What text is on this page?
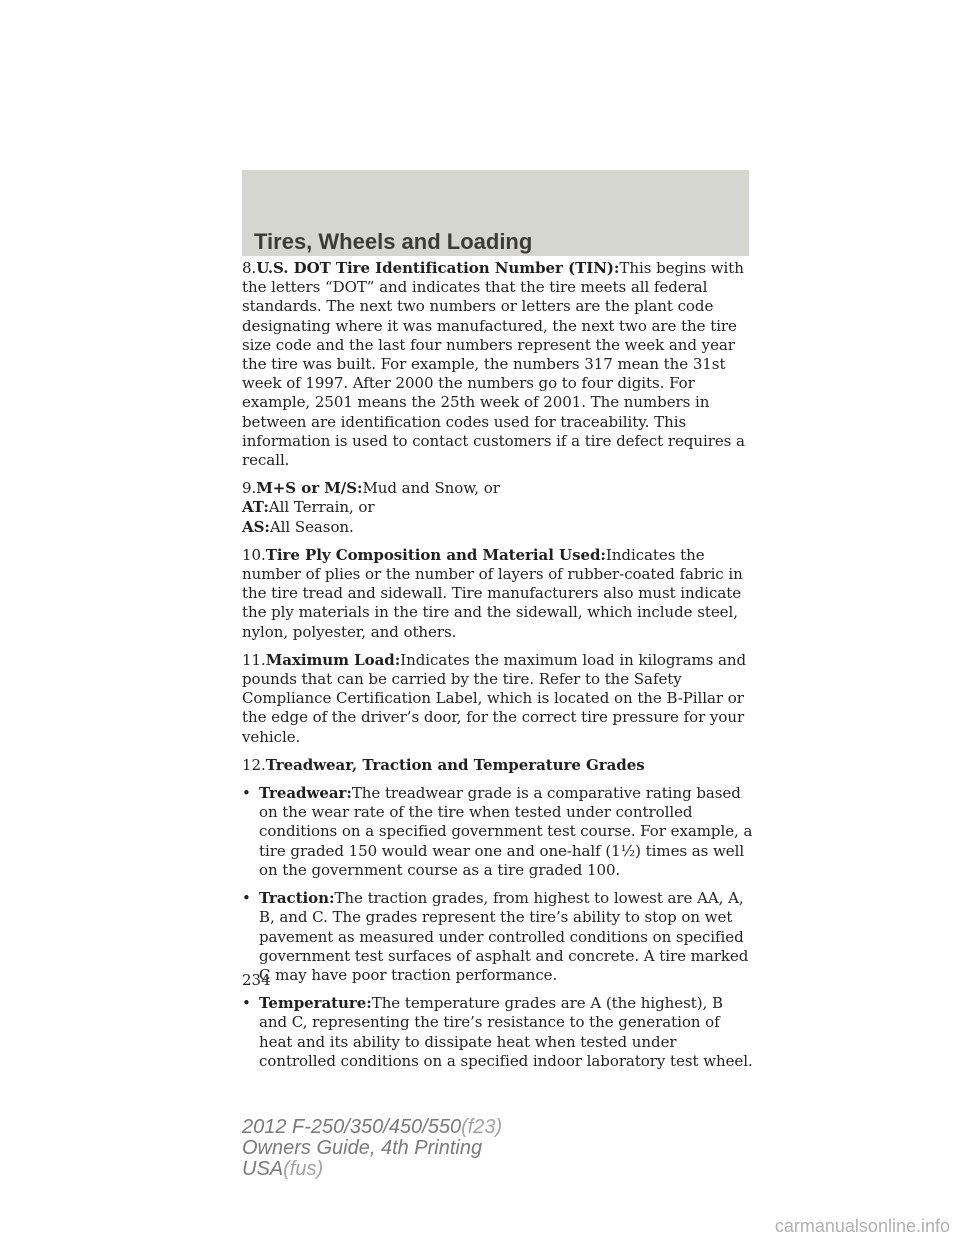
Tires, Wheels and Loading

8.U.S. DOT Tire Identification Number (TIN):This begins with the letters “DOT” and indicates that the tire meets all federal standards. The next two numbers or letters are the plant code designating where it was manufactured, the next two are the tire size code and the last four numbers represent the week and year the tire was built. For example, the numbers 317 mean the 31st week of 1997. After 2000 the numbers go to four digits. For example, 2501 means the 25th week of 2001. The numbers in between are identification codes used for traceability. This information is used to contact customers if a tire defect requires a recall.

9.M+S or M/S:Mud and Snow, or
AT:All Terrain, or
AS:All Season.

10.Tire Ply Composition and Material Used:Indicates the number of plies or the number of layers of rubber-coated fabric in the tire tread and sidewall. Tire manufacturers also must indicate the ply materials in the tire and the sidewall, which include steel, nylon, polyester, and others.

11.Maximum Load:Indicates the maximum load in kilograms and pounds that can be carried by the tire. Refer to the Safety Compliance Certification Label, which is located on the B-Pillar or the edge of the driver’s door, for the correct tire pressure for your vehicle.

12.Treadwear, Traction and Temperature Grades

• Treadwear:The treadwear grade is a comparative rating based on the wear rate of the tire when tested under controlled conditions on a specified government test course. For example, a tire graded 150 would wear one and one-half (1½) times as well on the government course as a tire graded 100.
• Traction:The traction grades, from highest to lowest are AA, A, B, and C. The grades represent the tire’s ability to stop on wet pavement as measured under controlled conditions on specified government test surfaces of asphalt and concrete. A tire marked C may have poor traction performance.
• Temperature:The temperature grades are A (the highest), B and C, representing the tire’s resistance to the generation of heat and its ability to dissipate heat when tested under controlled conditions on a specified indoor laboratory test wheel.
234
2012 F-250/350/450/550(f23)
Owners Guide, 4th Printing
USA(fus)
carmanualsonline.info
